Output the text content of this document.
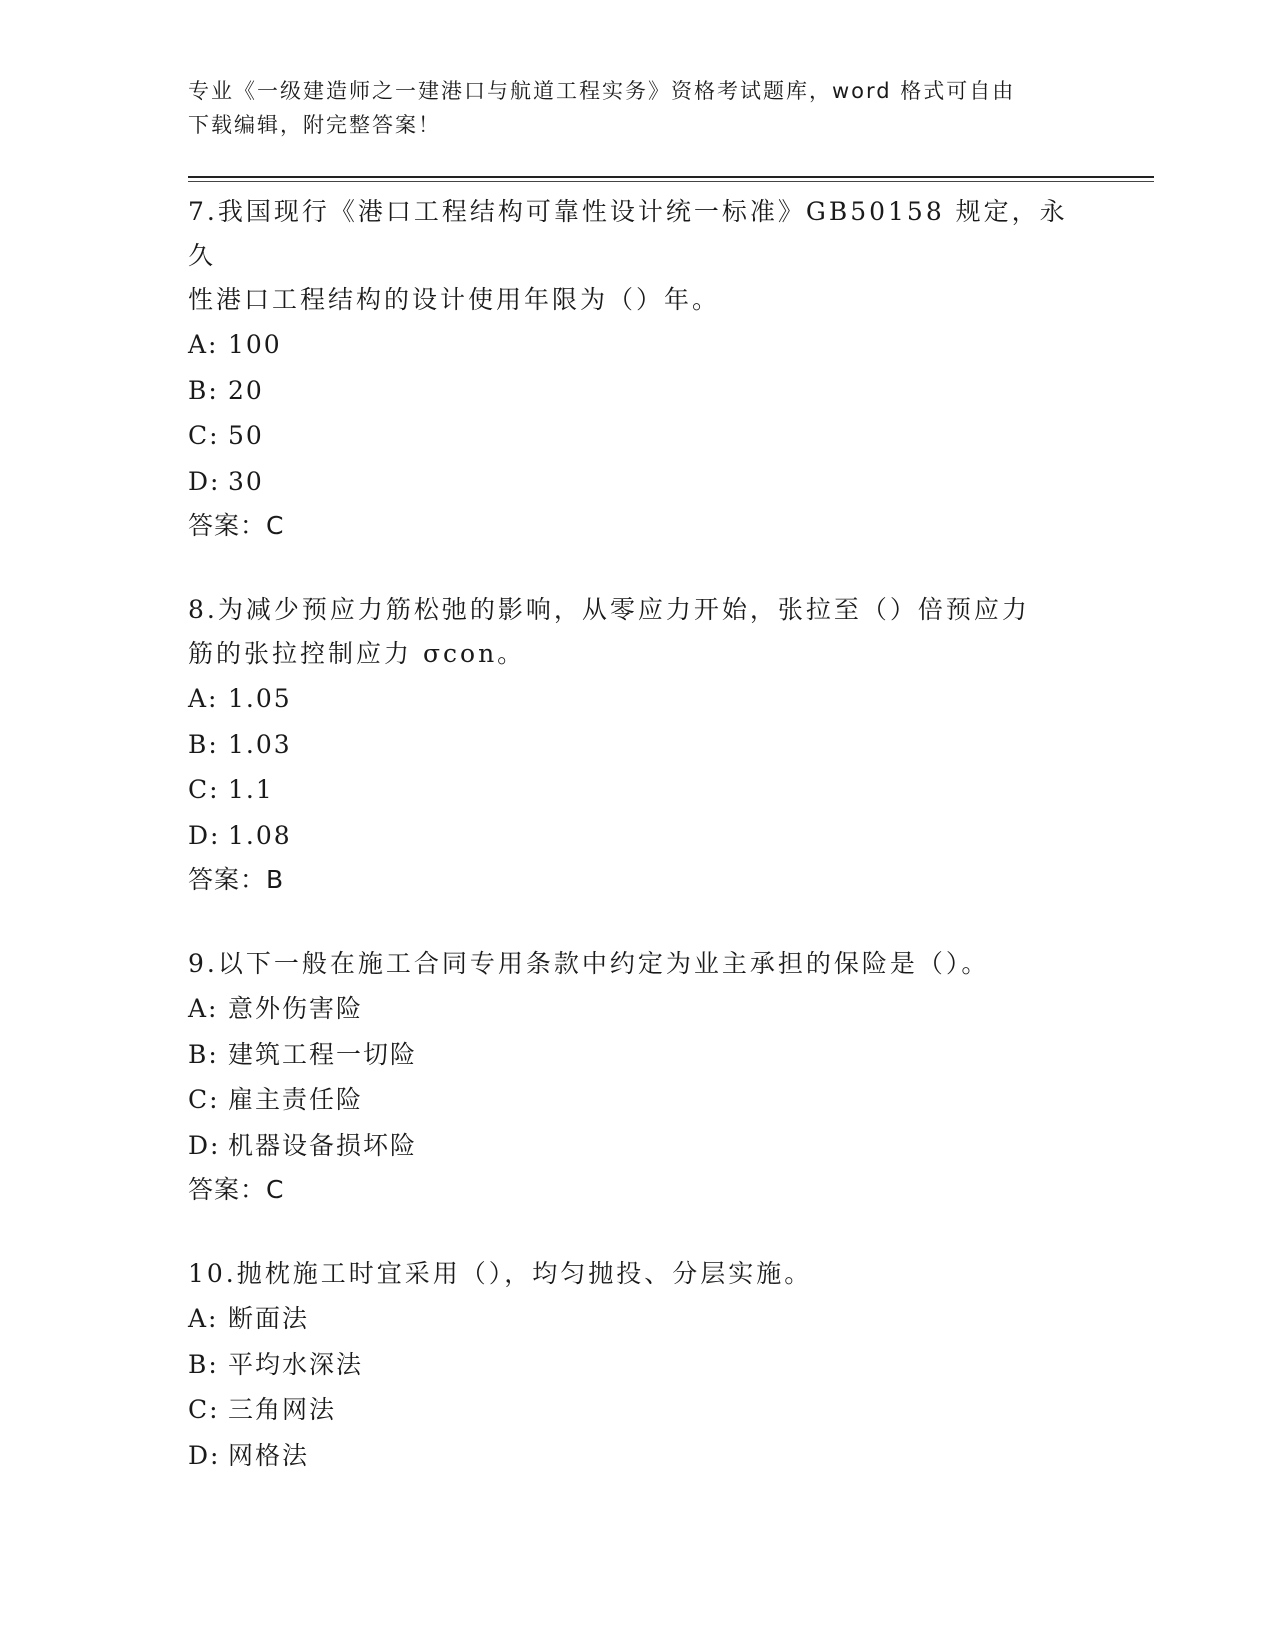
专业《一级建造师之一建港口与航道工程实务》资格考试题库，word 格式可自由
下载编辑，附完整答案！
7.我国现行《港口工程结构可靠性设计统一标准》GB50158 规定，永久
性港口工程结构的设计使用年限为（）年。
A: 100
B: 20
C: 50
D: 30
答案：C
8.为减少预应力筋松弛的影响，从零应力开始，张拉至（）倍预应力
筋的张拉控制应力 σcon。
A: 1.05
B: 1.03
C: 1.1
D: 1.08
答案：B
9.以下一般在施工合同专用条款中约定为业主承担的保险是（）。
A: 意外伤害险
B: 建筑工程一切险
C: 雇主责任险
D: 机器设备损坏险
答案：C
10.抛枕施工时宜采用（），均匀抛投、分层实施。
A: 断面法
B: 平均水深法
C: 三角网法
D: 网格法
